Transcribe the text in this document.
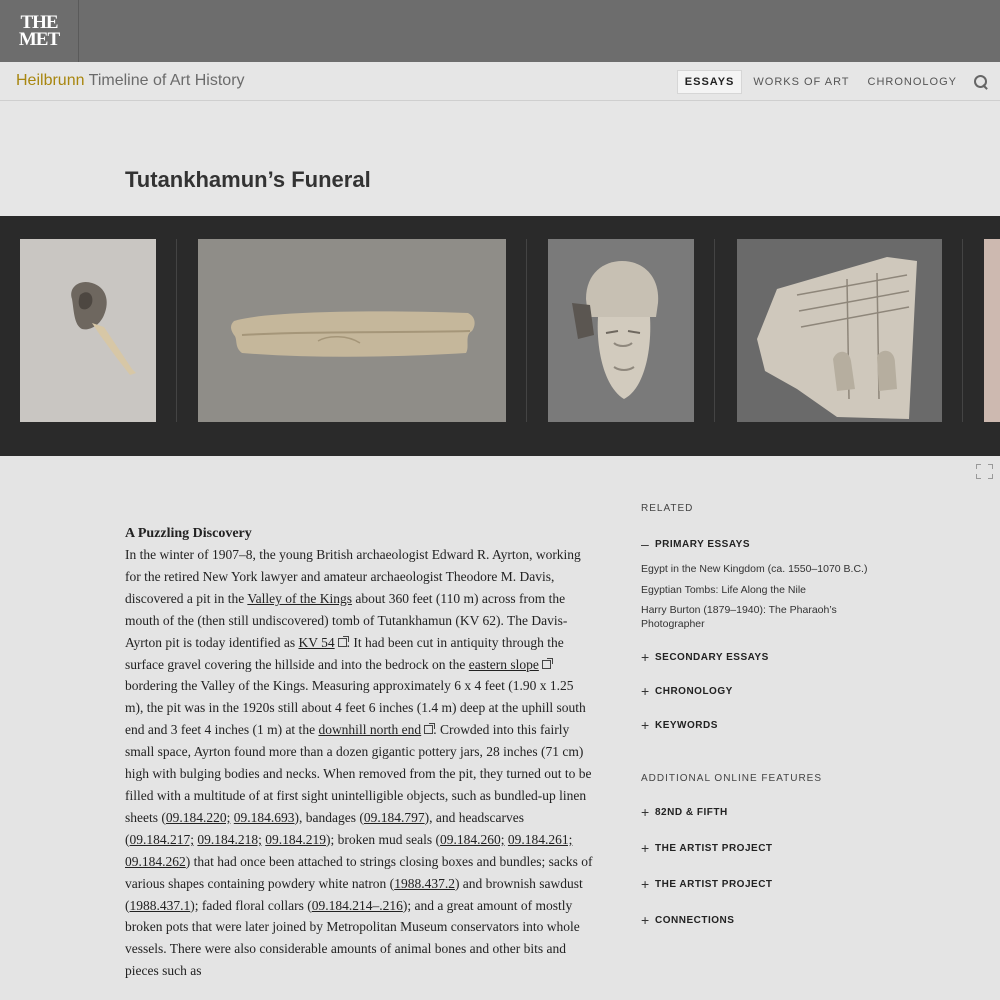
THE
MET
Heilbrunn Timeline of Art History	ESSAYS	WORKS OF ART	CHRONOLOGY
Tutankhamun’s Funeral
A Puzzling Discovery

In the winter of 1907–8, the young British archaeologist Edward R. Ayrton, working for the retired New York lawyer and amateur archaeologist Theodore M. Davis, discovered a pit in the Valley of the Kings about 360 feet (110 m) across from the mouth of the (then still undiscovered) tomb of Tutankhamun (KV 62). The Davis-Ayrton pit is today identified as KV 54 . It had been cut in antiquity through the surface gravel covering the hillside and into the bedrock on the eastern slope bordering the Valley of the Kings. Measuring approximately 6 x 4 feet (1.90 x 1.25 m), the pit was in the 1920s still about 4 feet 6 inches (1.4 m) deep at the uphill south end and 3 feet 4 inches (1 m) at the downhill north end . Crowded into this fairly small space, Ayrton found more than a dozen gigantic pottery jars, 28 inches (71 cm) high with bulging bodies and necks. When removed from the pit, they turned out to be filled with a multitude of at first sight unintelligible objects, such as bundled-up linen sheets (09.184.220; 09.184.693), bandages (09.184.797), and headscarves (09.184.217; 09.184.218; 09.184.219); broken mud seals (09.184.260; 09.184.261; 09.184.262) that had once been attached to strings closing boxes and bundles; sacks of various shapes containing powdery white natron (1988.437.2) and brownish sawdust (1988.437.1); faded floral collars (09.184.214–.216); and a great amount of mostly broken pots that were later joined by Metropolitan Museum conservators into whole vessels. There were also considerable amounts of animal bones and other bits and pieces such as

RELATED
– PRIMARY ESSAYS
Egypt in the New Kingdom (ca. 1550–1070 B.C.)
Egyptian Tombs: Life Along the Nile
Harry Burton (1879–1940): The Pharaoh’s Photographer
+ SECONDARY ESSAYS
+ CHRONOLOGY
+ KEYWORDS
ADDITIONAL ONLINE FEATURES
+ 82ND & FIFTH
+ THE ARTIST PROJECT
+ THE ARTIST PROJECT
+ CONNECTIONS
